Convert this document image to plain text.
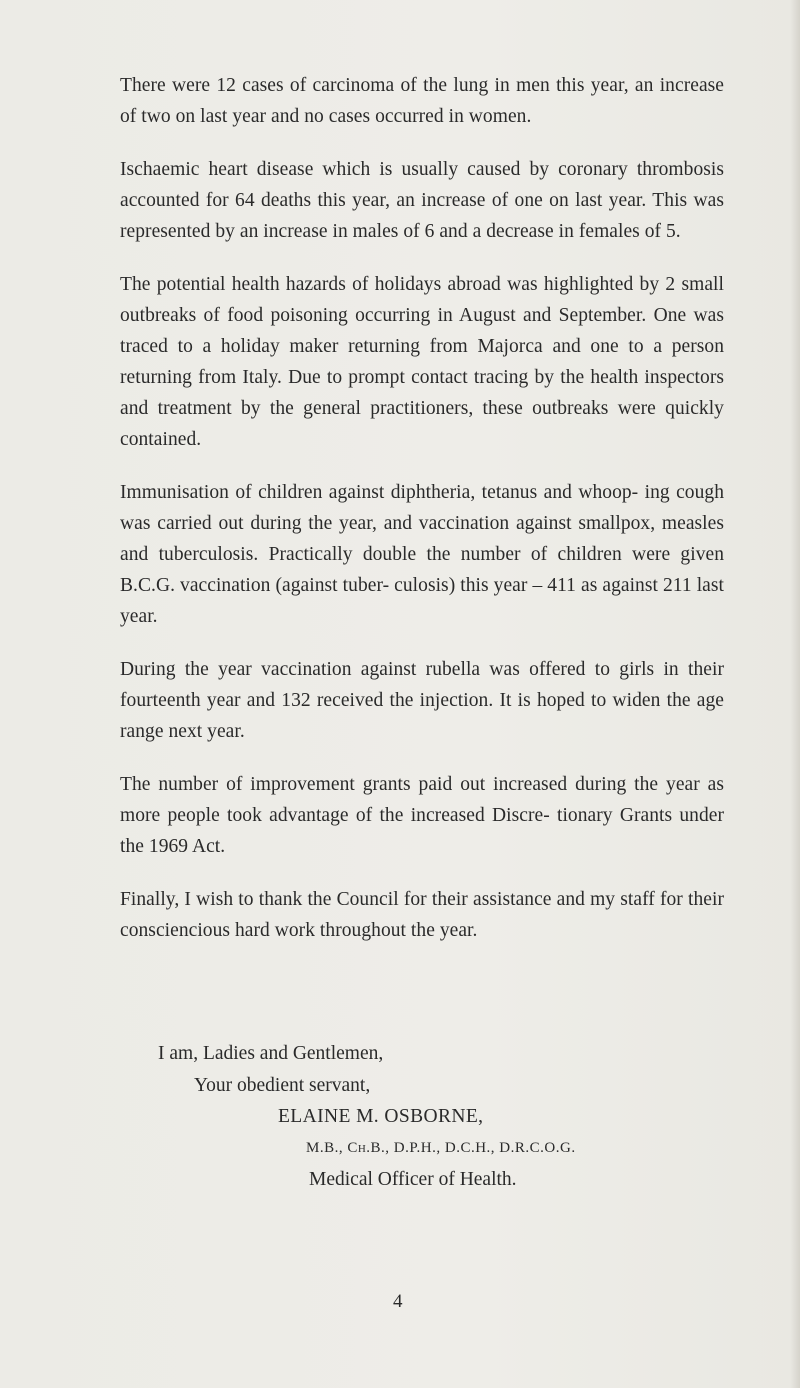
There were 12 cases of carcinoma of the lung in men this year, an increase of two on last year and no cases occurred in women.

Ischaemic heart disease which is usually caused by coronary thrombosis accounted for 64 deaths this year, an increase of one on last year. This was represented by an increase in males of 6 and a decrease in females of 5.

The potential health hazards of holidays abroad was highlighted by 2 small outbreaks of food poisoning occurring in August and September. One was traced to a holiday maker returning from Majorca and one to a person returning from Italy. Due to prompt contact tracing by the health inspectors and treatment by the general practitioners, these outbreaks were quickly contained.

Immunisation of children against diphtheria, tetanus and whoop- ing cough was carried out during the year, and vaccination against smallpox, measles and tuberculosis. Practically double the number of children were given B.C.G. vaccination (against tuber- culosis) this year – 411 as against 211 last year.

During the year vaccination against rubella was offered to girls in their fourteenth year and 132 received the injection. It is hoped to widen the age range next year.

The number of improvement grants paid out increased during the year as more people took advantage of the increased Discre- tionary Grants under the 1969 Act.

Finally, I wish to thank the Council for their assistance and my staff for their consciencious hard work throughout the year.

I am, Ladies and Gentlemen,
Your obedient servant,
ELAINE M. OSBORNE,
M.B., Ch.B., D.P.H., D.C.H., D.R.C.O.G.
Medical Officer of Health.
4
